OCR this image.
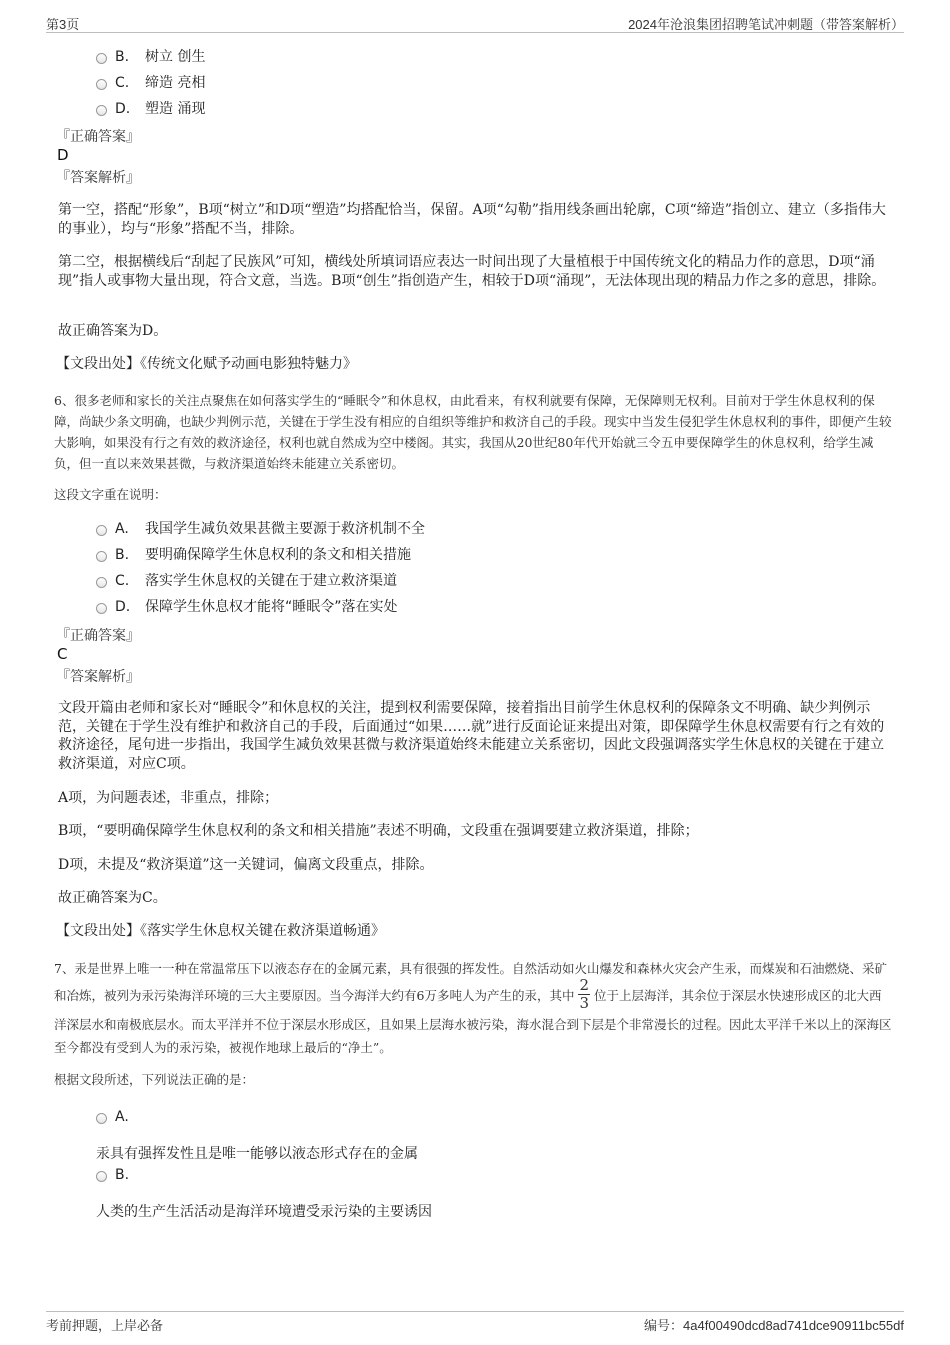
第3页	2024年沧浪集团招聘笔试冲刺题（带答案解析）
B. 树立 创生
C. 缔造 亮相
D. 塑造 涌现
『正确答案』
D
『答案解析』
第一空，搭配“形象”，B项“树立”和D项“塑造”均搭配恰当，保留。A项“勾勒”指用线条画出轮廓，C项“缔造”指创立、建立（多指伟大的事业），均与“形象”搭配不当，排除。
第二空，根据横线后“刮起了民族风”可知，横线处所填词语应表达一时间出现了大量植根于中国传统文化的精品力作的意思，D项“涌现”指人或事物大量出现，符合文意，当选。B项“创生”指创造产生，相较于D项“涌现”，无法体现出现的精品力作之多的意思，排除。
故正确答案为D。
【文段出处】《传统文化赋予动画电影独特魅力》
6、很多老师和家长的关注点聚焦在如何落实学生的“睡眠令”和休息权，由此看来，有权利就要有保障，无保障则无权利。目前对于学生休息权利的保障，尚缺少条文明确，也缺少判例示范，关键在于学生没有相应的自组织等维护和救济自己的手段。现实中当发生侵犯学生休息权利的事件，即便产生较大影响，如果没有行之有效的救济途径，权利也就自然成为空中楼阁。其实，我国从20世纪80年代开始就三令五申要保障学生的休息权利，给学生减负，但一直以来效果甚微，与救济渠道始终未能建立关系密切。
这段文字重在说明：
A. 我国学生减负效果甚微主要源于救济机制不全
B. 要明确保障学生休息权利的条文和相关措施
C. 落实学生休息权的关键在于建立救济渠道
D. 保障学生休息权才能将“睡眠令”落在实处
『正确答案』
C
『答案解析』
文段开篇由老师和家长对“睡眠令”和休息权的关注，提到权利需要保障，接着指出目前学生休息权利的保障条文不明确、缺少判例示范，关键在于学生没有维护和救济自己的手段，后面通过“如果……就”进行反面论证来提出对策，即保障学生休息权需要有行之有效的救济途径，尾句进一步指出，我国学生减负效果甚微与救济渠道始终未能建立关系密切，因此文段强调落实学生休息权的关键在于建立救济渠道，对应C项。
A项，为问题表述，非重点，排除；
B项，“要明确保障学生休息权利的条文和相关措施”表述不明确，文段重在强调要建立救济渠道，排除；
D项，未提及“救济渠道”这一关键词，偏离文段重点，排除。
故正确答案为C。
【文段出处】《落实学生休息权关键在救济渠道畅通》
7、汞是世界上唯一一种在常温常压下以液态存在的金属元素，具有很强的挥发性。自然活动如火山爆发和森林火灾会产生汞，而煤炭和石油燃烧、采矿和冶炼，被列为汞污染海洋环境的三大主要原因。当今海洋大约有6万多吨人为产生的汞，其中 $\frac{2}{3}$ 位于上层海洋，其余位于深层水快速形成区的北大西洋深层水和南极底层水。而太平洋并不位于深层水形成区，且如果上层海水被污染，海水混合到下层是个非常漫长的过程。因此太平洋千米以上的深海区至今都没有受到人为的汞污染，被视作地球上最后的“净土”。
根据文段所述，下列说法正确的是：
A.
汞具有强挥发性且是唯一能够以液态形式存在的金属
B.
人类的生产生活活动是海洋环境遭受汞污染的主要诱因
考前押题，上岸必备	编号：4a4f00490dcd8ad741dce90911bc55df
